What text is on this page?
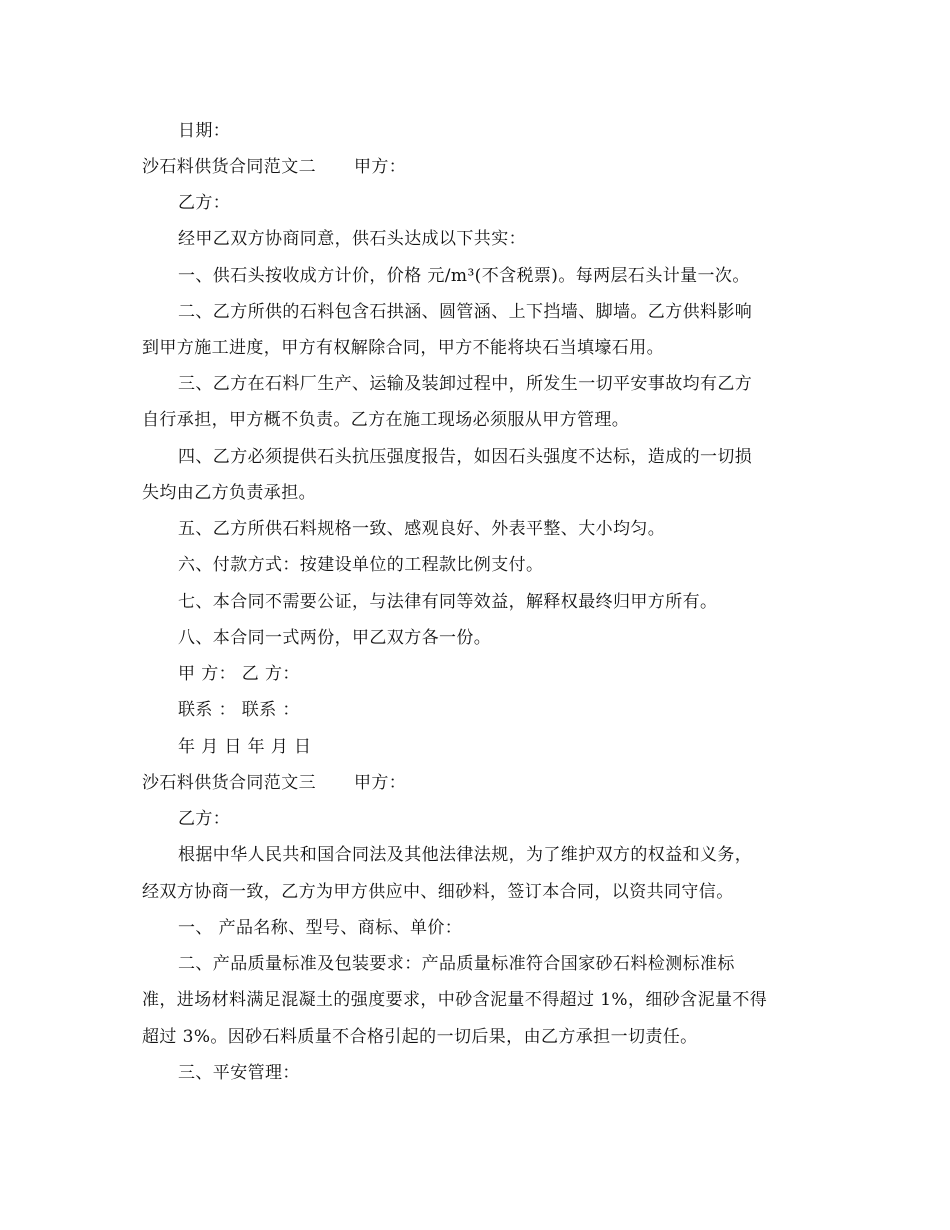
日期：
沙石料供货合同范文二 甲方：
乙方：
经甲乙双方协商同意，供石头达成以下共实：
一、供石头按收成方计价，价格 元/m³(不含税票)。每两层石头计量一次。
二、乙方所供的石料包含石拱涵、圆管涵、上下挡墙、脚墙。乙方供料影响
到甲方施工进度，甲方有权解除合同，甲方不能将块石当填壕石用。
三、乙方在石料厂生产、运输及装卸过程中，所发生一切平安事故均有乙方
自行承担，甲方概不负责。乙方在施工现场必须服从甲方管理。
四、乙方必须提供石头抗压强度报告，如因石头强度不达标，造成的一切损
失均由乙方负责承担。
五、乙方所供石料规格一致、感观良好、外表平整、大小均匀。
六、付款方式：按建设单位的工程款比例支付。
七、本合同不需要公证，与法律有同等效益，解释权最终归甲方所有。
八、本合同一式两份，甲乙双方各一份。
甲 方： 乙 方：
联系 ： 联系 ：
年 月 日 年 月 日
沙石料供货合同范文三 甲方：
乙方：
根据中华人民共和国合同法及其他法律法规，为了维护双方的权益和义务，
经双方协商一致，乙方为甲方供应中、细砂料，签订本合同，以资共同守信。
一、 产品名称、型号、商标、单价：
二、产品质量标准及包装要求：产品质量标准符合国家砂石料检测标准标
准，进场材料满足混凝土的强度要求，中砂含泥量不得超过 1%，细砂含泥量不得
超过 3%。因砂石料质量不合格引起的一切后果，由乙方承担一切责任。
三、平安管理：
